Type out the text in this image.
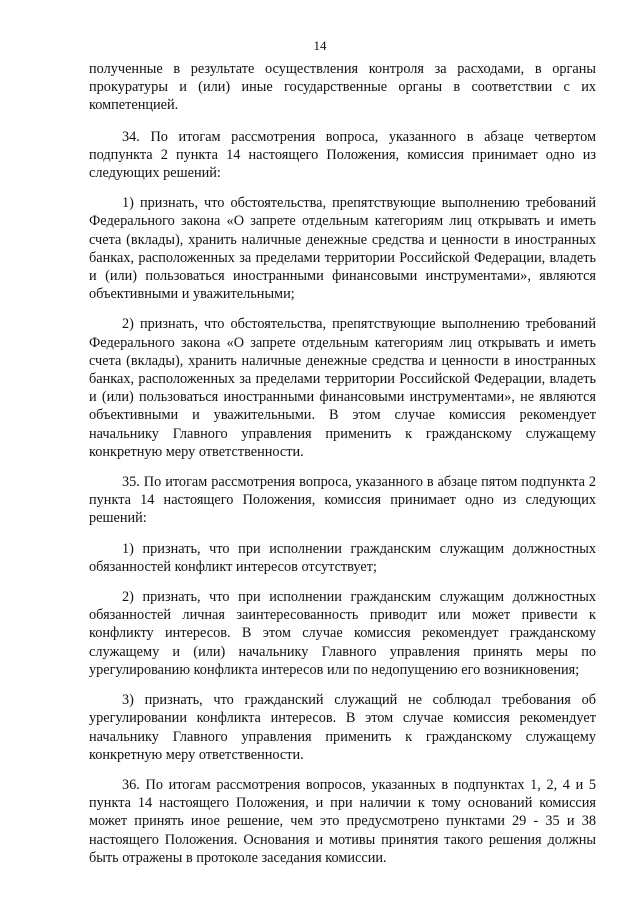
14

полученные в результате осуществления контроля за расходами, в органы прокуратуры и (или) иные государственные органы в соответствии с их компетенцией.

34. По итогам рассмотрения вопроса, указанного в абзаце четвертом подпункта 2 пункта 14 настоящего Положения, комиссия принимает одно из следующих решений:

1) признать, что обстоятельства, препятствующие выполнению требований Федерального закона «О запрете отдельным категориям лиц открывать и иметь счета (вклады), хранить наличные денежные средства и ценности в иностранных банках, расположенных за пределами территории Российской Федерации, владеть и (или) пользоваться иностранными финансовыми инструментами», являются объективными и уважительными;

2) признать, что обстоятельства, препятствующие выполнению требований Федерального закона «О запрете отдельным категориям лиц открывать и иметь счета (вклады), хранить наличные денежные средства и ценности в иностранных банках, расположенных за пределами территории Российской Федерации, владеть и (или) пользоваться иностранными финансовыми инструментами», не являются объективными и уважительными. В этом случае комиссия рекомендует начальнику Главного управления применить к гражданскому служащему конкретную меру ответственности.

35. По итогам рассмотрения вопроса, указанного в абзаце пятом подпункта 2 пункта 14 настоящего Положения, комиссия принимает одно из следующих решений:

1) признать, что при исполнении гражданским служащим должностных обязанностей конфликт интересов отсутствует;

2) признать, что при исполнении гражданским служащим должностных обязанностей личная заинтересованность приводит или может привести к конфликту интересов. В этом случае комиссия рекомендует гражданскому служащему и (или) начальнику Главного управления принять меры по урегулированию конфликта интересов или по недопущению его возникновения;

3) признать, что гражданский служащий не соблюдал требования об урегулировании конфликта интересов. В этом случае комиссия рекомендует начальнику Главного управления применить к гражданскому служащему конкретную меру ответственности.

36. По итогам рассмотрения вопросов, указанных в подпунктах 1, 2, 4 и 5 пункта 14 настоящего Положения, и при наличии к тому оснований комиссия может принять иное решение, чем это предусмотрено пунктами 29 - 35 и 38 настоящего Положения. Основания и мотивы принятия такого решения должны быть отражены в протоколе заседания комиссии.
